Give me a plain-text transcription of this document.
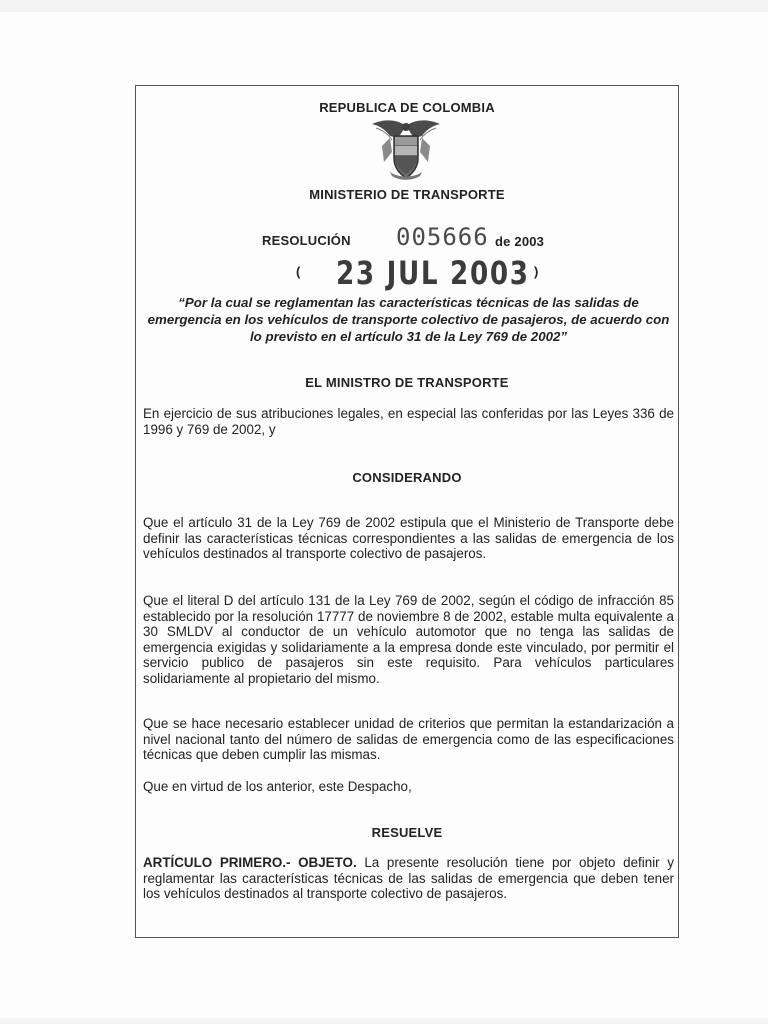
REPUBLICA DE COLOMBIA

MINISTERIO DE TRANSPORTE

RESOLUCIÓN 005666 de 2003

( 23 JUL 2003 )

“Por la cual se reglamentan las características técnicas de las salidas de emergencia en los vehículos de transporte colectivo de pasajeros, de acuerdo con lo previsto en el artículo 31 de la Ley 769 de 2002”

EL MINISTRO DE TRANSPORTE

En ejercicio de sus atribuciones legales, en especial las conferidas por las Leyes 336 de 1996 y 769 de 2002, y

CONSIDERANDO

Que el artículo 31 de la Ley 769 de 2002 estipula que el Ministerio de Transporte debe definir las características técnicas correspondientes a las salidas de emergencia de los vehículos destinados al transporte colectivo de pasajeros.

Que el literal D del artículo 131 de la Ley 769 de 2002, según el código de infracción 85 establecido por la resolución 17777 de noviembre 8 de 2002, estable multa equivalente a 30 SMLDV al conductor de un vehículo automotor que no tenga las salidas de emergencia exigidas y solidariamente a la empresa donde este vinculado, por permitir el servicio publico de pasajeros sin este requisito. Para vehículos particulares solidariamente al propietario del mismo.

Que se hace necesario establecer unidad de criterios que permitan la estandarización a nivel nacional tanto del número de salidas de emergencia como de las especificaciones técnicas que deben cumplir las mismas.

Que en virtud de los anterior, este Despacho,

RESUELVE

ARTÍCULO PRIMERO.- OBJETO. La presente resolución tiene por objeto definir y reglamentar las características técnicas de las salidas de emergencia que deben tener los vehículos destinados al transporte colectivo de pasajeros.
